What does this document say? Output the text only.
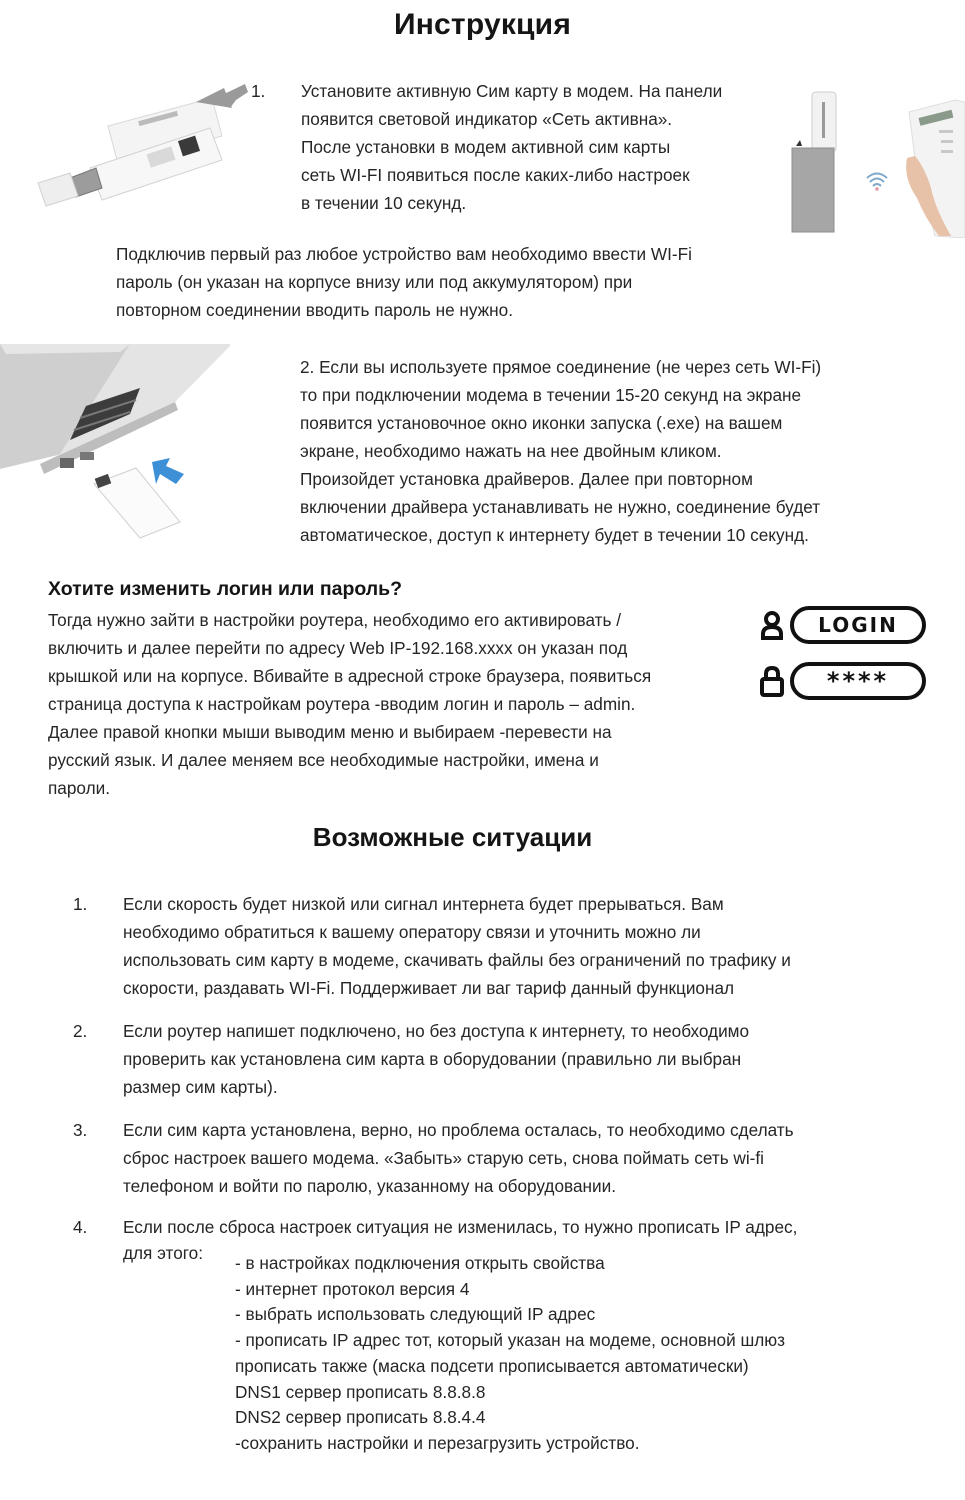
Инструкция
1. Установите активную Сим карту в модем. На панели
появится световой индикатор «Сеть активна».
После установки в модем активной сим карты
сеть WI-FI появиться после каких-либо настроек
в течении 10 секунд.
Подключив первый раз любое устройство вам необходимо ввести WI-Fi
пароль (он указан на корпусе внизу или под аккумулятором) при
повторном соединении вводить пароль не нужно.
2. Если вы используете прямое соединение (не через сеть WI-Fi)
то при подключении модема в течении 15-20 секунд на экране
появится установочное окно иконки запуска (.exe) на вашем
экране, необходимо нажать на нее двойным кликом.
Произойдет установка драйверов. Далее при повторном
включении драйвера устанавливать не нужно, соединение будет
автоматическое, доступ к интернету будет в течении 10 секунд.
Хотите изменить логин или пароль?
Тогда нужно зайти в настройки роутера, необходимо его активировать /
включить и далее перейти по адресу Web IP-192.168.xxxx он указан под
крышкой или на корпусе. Вбивайте в адресной строке браузера, появиться
страница доступа к настройкам роутера -вводим логин и пароль – admin.
Далее правой кнопки мыши выводим меню и выбираем -перевести на
русский язык. И далее меняем все необходимые настройки, имена и
пароли.
LOGIN
****
Возможные ситуации
1. Если скорость будет низкой или сигнал интернета будет прерываться. Вам
необходимо обратиться к вашему оператору связи и уточнить можно ли
использовать сим карту в модеме, скачивать файлы без ограничений по трафику и
скорости, раздавать WI-Fi. Поддерживает ли ваг тариф данный функционал
2. Если роутер напишет подключено, но без доступа к интернету, то необходимо
проверить как установлена сим карта в оборудовании (правильно ли выбран
размер сим карты).
3. Если сим карта установлена, верно, но проблема осталась, то необходимо сделать
сброс настроек вашего модема. «Забыть» старую сеть, снова поймать сеть wi-fi
телефоном и войти по паролю, указанному на оборудовании.
4. Если после сброса настроек ситуация не изменилась, то нужно прописать IP адрес,
для этого: - в настройках подключения открыть свойства
- интернет протокол версия 4
- выбрать использовать следующий IP адрес
- прописать IP адрес тот, который указан на модеме, основной шлюз
прописать также (маска подсети прописывается автоматически)
DNS1 сервер прописать 8.8.8.8
DNS2 сервер прописать 8.8.4.4
-сохранить настройки и перезагрузить устройство.
